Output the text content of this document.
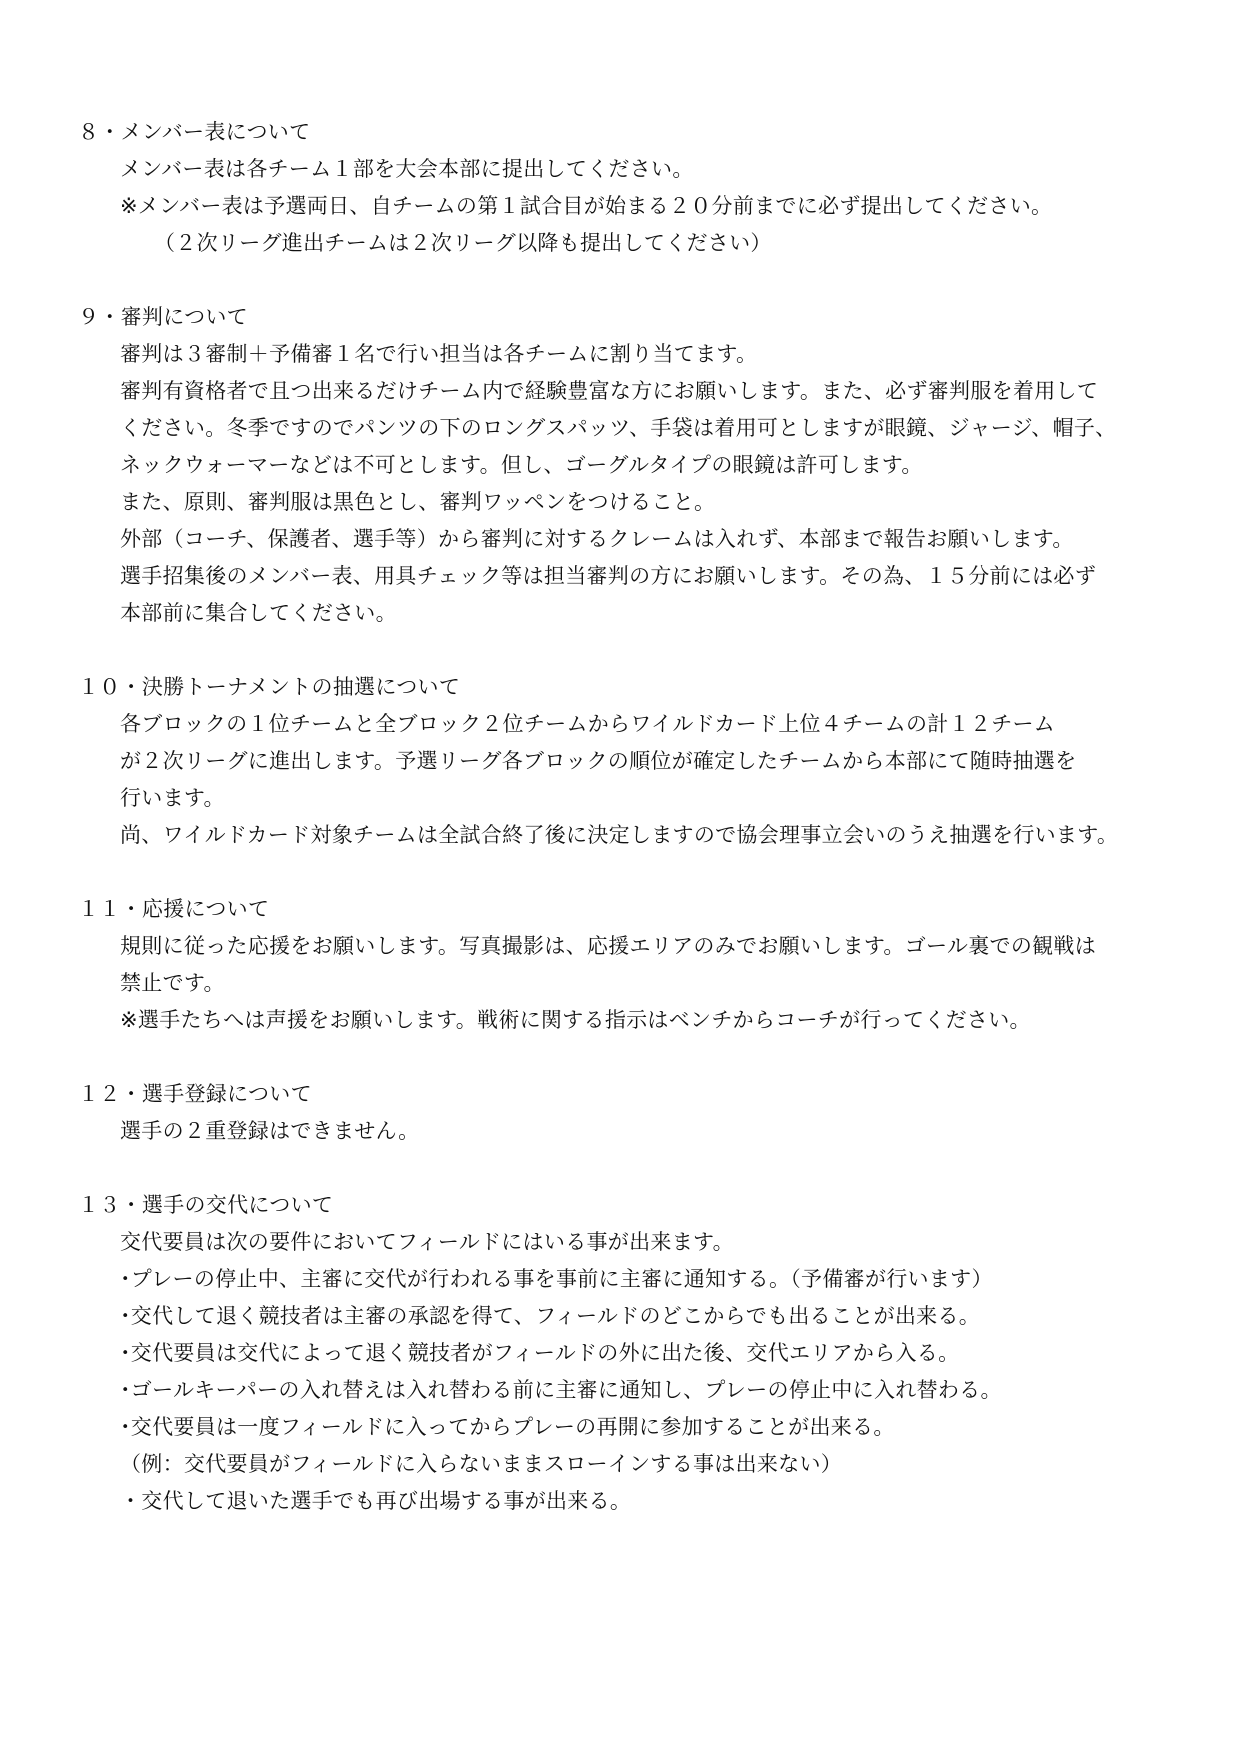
８・メンバー表について
メンバー表は各チーム１部を大会本部に提出してください。
※メンバー表は予選両日、自チームの第１試合目が始まる２０分前までに必ず提出してください。
（２次リーグ進出チームは２次リーグ以降も提出してください）
９・審判について
審判は３審制＋予備審１名で行い担当は各チームに割り当てます。
審判有資格者で且つ出来るだけチーム内で経験豊富な方にお願いします。また、必ず審判服を着用して
ください。冬季ですのでパンツの下のロングスパッツ、手袋は着用可としますが眼鏡、ジャージ、帽子、
ネックウォーマーなどは不可とします。但し、ゴーグルタイプの眼鏡は許可します。
また、原則、審判服は黒色とし、審判ワッペンをつけること。
外部（コーチ、保護者、選手等）から審判に対するクレームは入れず、本部まで報告お願いします。
選手招集後のメンバー表、用具チェック等は担当審判の方にお願いします。その為、１５分前には必ず
本部前に集合してください。
１０・決勝トーナメントの抽選について
各ブロックの１位チームと全ブロック２位チームからワイルドカード上位４チームの計１２チーム
が２次リーグに進出します。予選リーグ各ブロックの順位が確定したチームから本部にて随時抽選を
行います。
尚、ワイルドカード対象チームは全試合終了後に決定しますので協会理事立会いのうえ抽選を行います。
１１・応援について
規則に従った応援をお願いします。写真撮影は、応援エリアのみでお願いします。ゴール裏での観戦は
禁止です。
※選手たちへは声援をお願いします。戦術に関する指示はベンチからコーチが行ってください。
１２・選手登録について
選手の２重登録はできません。
１３・選手の交代について
交代要員は次の要件においてフィールドにはいる事が出来ます。
･プレーの停止中、主審に交代が行われる事を事前に主審に通知する。（予備審が行います）
･交代して退く競技者は主審の承認を得て、フィールドのどこからでも出ることが出来る。
･交代要員は交代によって退く競技者がフィールドの外に出た後、交代エリアから入る。
･ゴールキーパーの入れ替えは入れ替わる前に主審に通知し、プレーの停止中に入れ替わる。
･交代要員は一度フィールドに入ってからプレーの再開に参加することが出来る。
（例：交代要員がフィールドに入らないままスローインする事は出来ない）
・交代して退いた選手でも再び出場する事が出来る。
